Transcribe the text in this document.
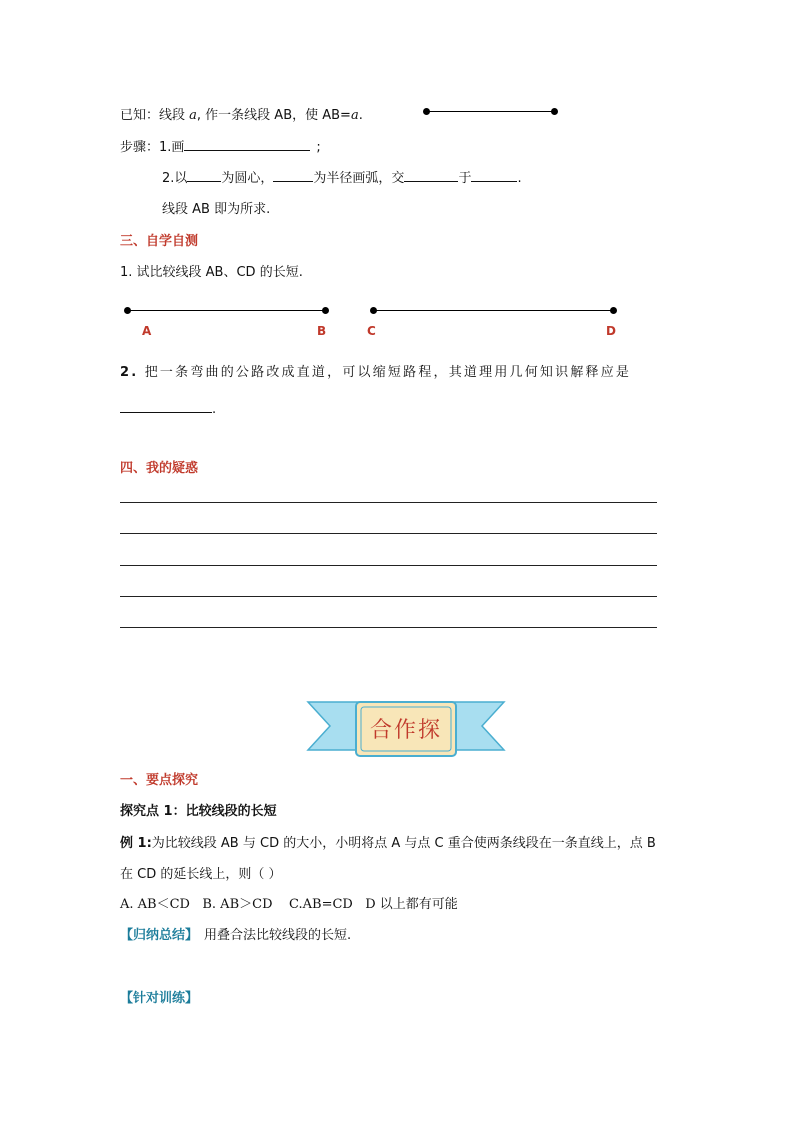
已知：线段 a, 作一条线段 AB，使 AB=a.
步骤：1.画	;
2.以	为圆心，	为半径画弧，交	于	.
线段 AB 即为所求.
三、自学自测
1. 试比较线段 AB、CD 的长短.
A	B	C	D
2. 把一条弯曲的公路改成直道，可以缩短路程，其道理用几何知识解释应是
.
四、我的疑惑
合作探
一、要点探究
探究点 1：比较线段的长短
例 1:为比较线段 AB 与 CD 的大小，小明将点 A 与点 C 重合使两条线段在一条直线上，点 B
在 CD 的延长线上，则（ ）
A. AB＜CD   B. AB＞CD    C.AB=CD   D 以上都有可能
【归纳总结】 用叠合法比较线段的长短.
【针对训练】
